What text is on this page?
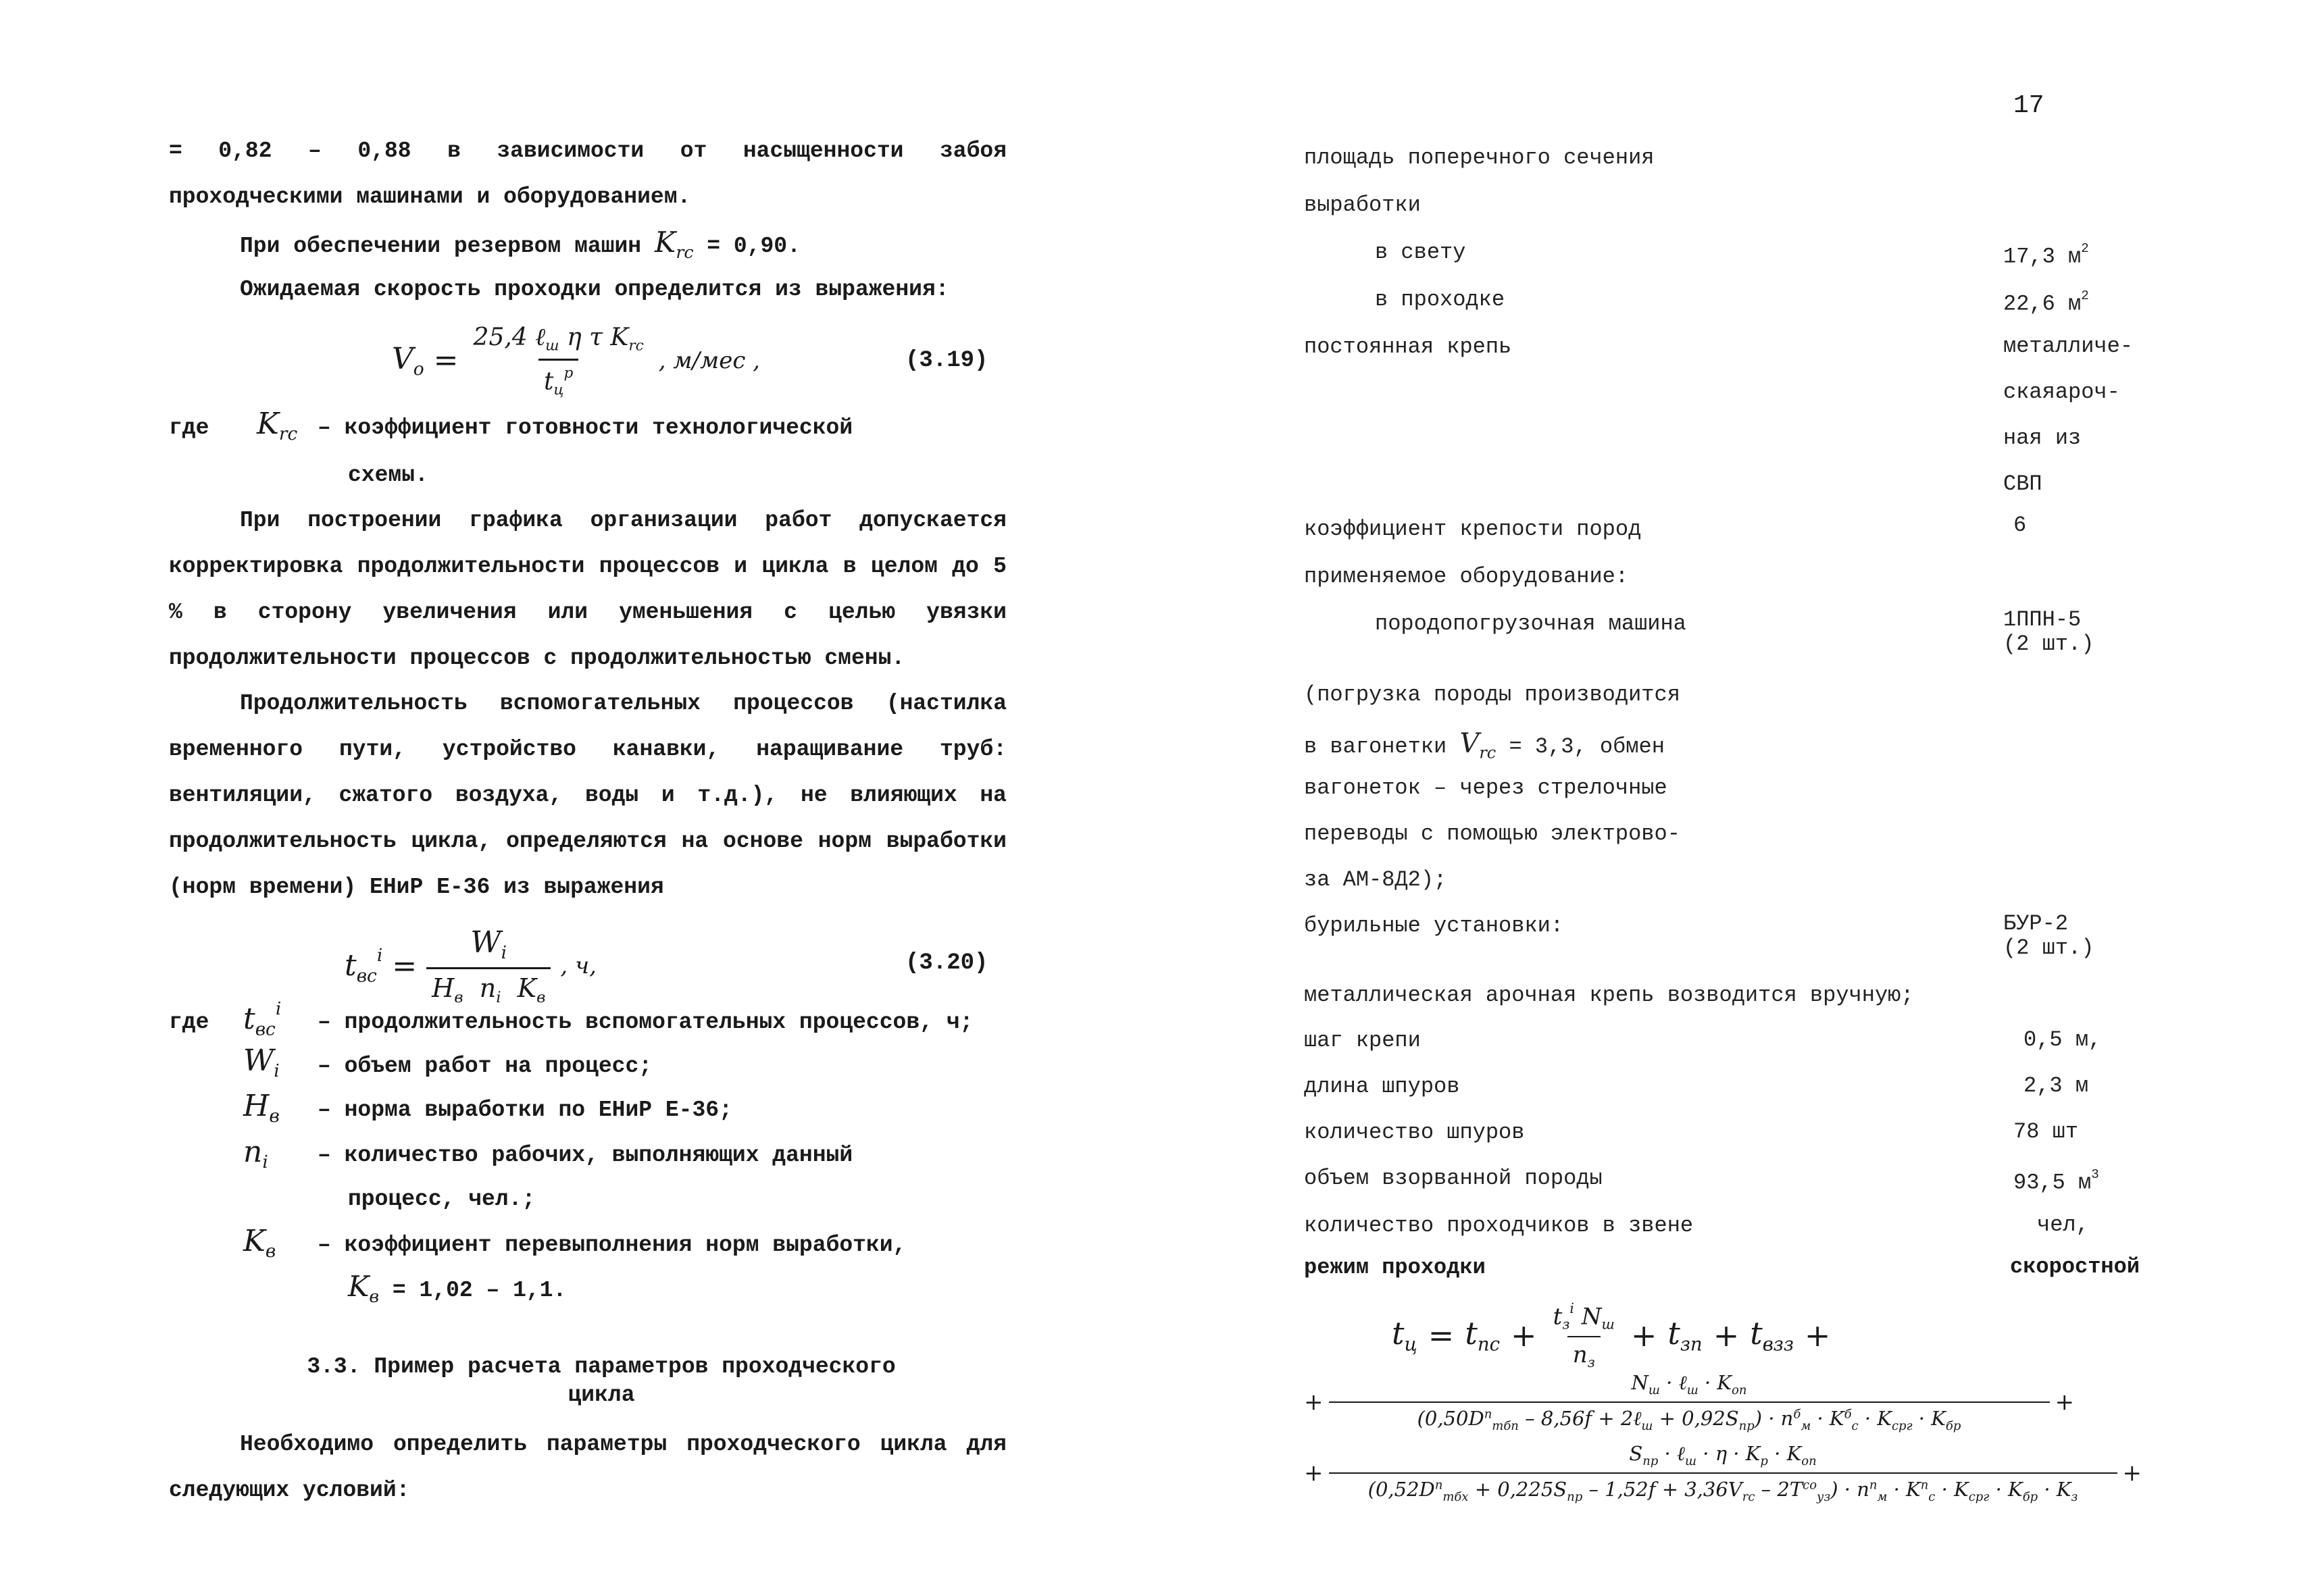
= 0,82 – 0,88 в зависимости от насыщенности забоя проходческими машинами и оборудованием.
При обеспечении резервом машин $K_{rc} = 0,90$.
Ожидаемая скорость проходки определится из выражения:
$V_o = \frac{25,4 \ell_ш \eta \tau K_{rc}}{t_ц^р}$ , м/мес ,	(3.19)
где $K_{rc}$ – коэффициент готовности технологической
схемы.
При построении графика организации работ допускается корректировка продолжительности процессов и цикла в целом до 5 % в сторону увеличения или уменьшения с целью увязки продолжительности процессов с продолжительностью смены.
Продолжительность вспомогательных процессов (настилка временного пути, устройство канавки, наращивание труб: вентиляции, сжатого воздуха, воды и т.д.), не влияющих на продолжительность цикла, определяются на основе норм выработки (норм времени) ЕНиР Е-36 из выражения
$t_{вс}^i = \frac{W_i}{H_в n_i K_в}$ , ч,	(3.20)
где $t_{вс}^i$
– продолжительность вспомогательных процессов, ч;
$W_i$ – объем работ на процесс;
$H_в$ – норма выработки по ЕНиР Е-36;
$n_i$ – количество рабочих, выполняющих данный
процесс, чел.;
$K_в$ – коэффициент перевыполнения норм выработки,
$K_в = 1,02 - 1,1$.
3.3. Пример расчета параметров проходческого цикла
Необходимо определить параметры проходческого цикла для следующих условий:
17
площадь поперечного сечения
выработки
в свету	17,3 $м^2$
в проходке	22,6 $м^2$
постоянная крепь	металличе-
скаяароч-
ная из
СВП
коэффициент крепости пород	6
применяемое оборудование:
породопогрузочная машина	1ППН-5
(2 шт.)
(погрузка породы производится
в вагонетки $V_{rc} = 3,3$, обмен
вагонеток – через стрелочные
переводы с помощью электрово-
за АМ-8Д2);
бурильные установки:	БУР-2
(2 шт.)
металлическая арочная крепь возводится вручную;
шаг крепи	0,5 м,
длина шпуров	2,3 м
количество шпуров	78 шт
объем взорванной породы	93,5 $м^3$
количество проходчиков в звене	чел,
режим проходки	скоростной
$t_ц = t_{пс} + \frac{t_з^i N_ш}{n_з} + t_{зп} + t_{взз}$ +
+ $\frac{N_ш \cdot \ell_ш \cdot K_{оп}}{(0,50D^п_{тбп} - 8,56f + 2\ell_ш + 0,92S_{пр}) \cdot n^б_м \cdot K^б_с \cdot K_{срг} \cdot K_{бр}}$ +
+
$S_{пр}$ · ℓ$_ш$ · $\eta \cdot K_р \cdot K_{оп}$
$(0,52D^п_{тбх} + 0,225S_{пр} - 1,52f + 3,36V_{rc} - 2T^{со}_{уз}) \cdot n^п_м \cdot K^п_с \cdot K_{срг} \cdot K_{бр} \cdot K_з$
+
